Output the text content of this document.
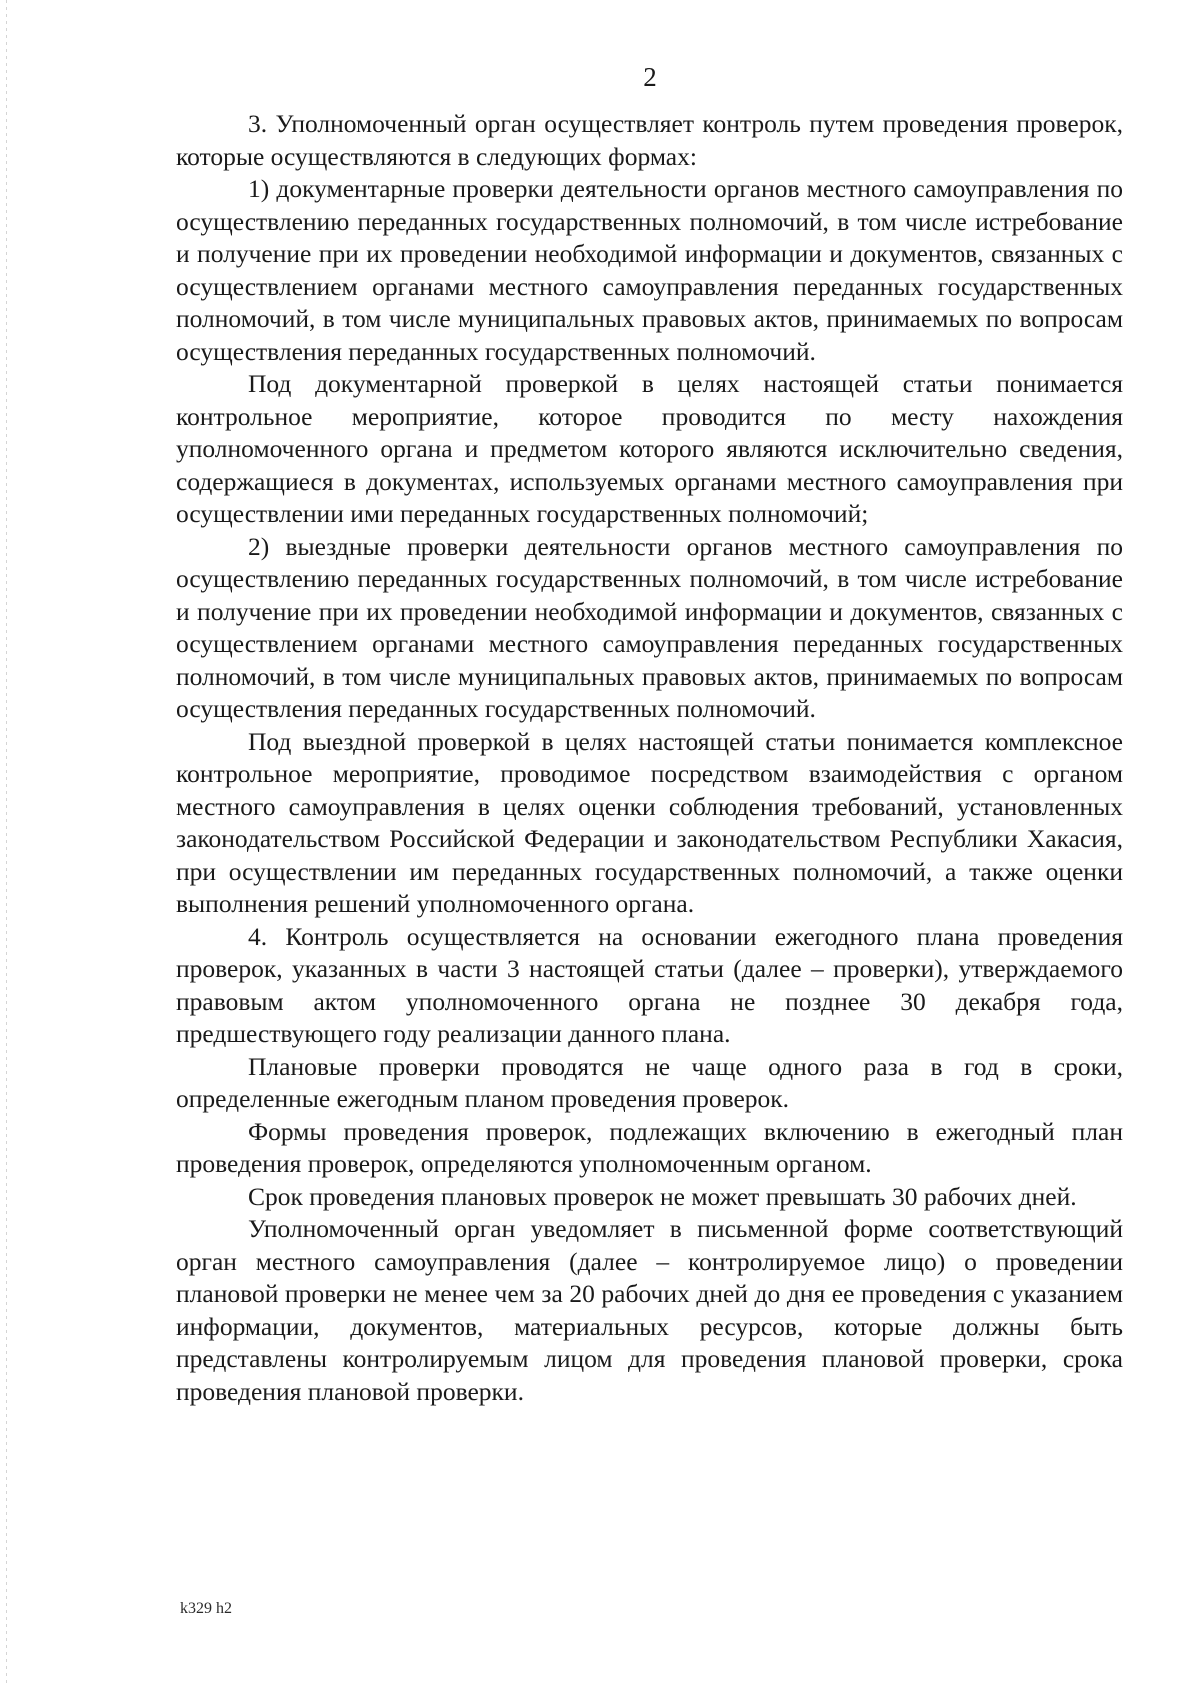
2

3. Уполномоченный орган осуществляет контроль путем проведения проверок, которые осуществляются в следующих формах:

1) документарные проверки деятельности органов местного самоуправления по осуществлению переданных государственных полномочий, в том числе истребование и получение при их проведении необходимой информации и документов, связанных с осуществлением органами местного самоуправления переданных государственных полномочий, в том числе муниципальных правовых актов, принимаемых по вопросам осуществления переданных государственных полномочий.

Под документарной проверкой в целях настоящей статьи понимается контрольное мероприятие, которое проводится по месту нахождения уполномоченного органа и предметом которого являются исключительно сведения, содержащиеся в документах, используемых органами местного самоуправления при осуществлении ими переданных государственных полномочий;

2) выездные проверки деятельности органов местного самоуправления по осуществлению переданных государственных полномочий, в том числе истребование и получение при их проведении необходимой информации и документов, связанных с осуществлением органами местного самоуправления переданных государственных полномочий, в том числе муниципальных правовых актов, принимаемых по вопросам осуществления переданных государственных полномочий.

Под выездной проверкой в целях настоящей статьи понимается комплексное контрольное мероприятие, проводимое посредством взаимодействия с органом местного самоуправления в целях оценки соблюдения требований, установленных законодательством Российской Федерации и законодательством Республики Хакасия, при осуществлении им переданных государственных полномочий, а также оценки выполнения решений уполномоченного органа.

4. Контроль осуществляется на основании ежегодного плана проведения проверок, указанных в части 3 настоящей статьи (далее – проверки), утверждаемого правовым актом уполномоченного органа не позднее 30 декабря года, предшествующего году реализации данного плана.

Плановые проверки проводятся не чаще одного раза в год в сроки, определенные ежегодным планом проведения проверок.

Формы проведения проверок, подлежащих включению в ежегодный план проведения проверок, определяются уполномоченным органом.

Срок проведения плановых проверок не может превышать 30 рабочих дней.

Уполномоченный орган уведомляет в письменной форме соответствующий орган местного самоуправления (далее – контролируемое лицо) о проведении плановой проверки не менее чем за 20 рабочих дней до дня ее проведения с указанием информации, документов, материальных ресурсов, которые должны быть представлены контролируемым лицом для проведения плановой проверки, срока проведения плановой проверки.

k329 h2
